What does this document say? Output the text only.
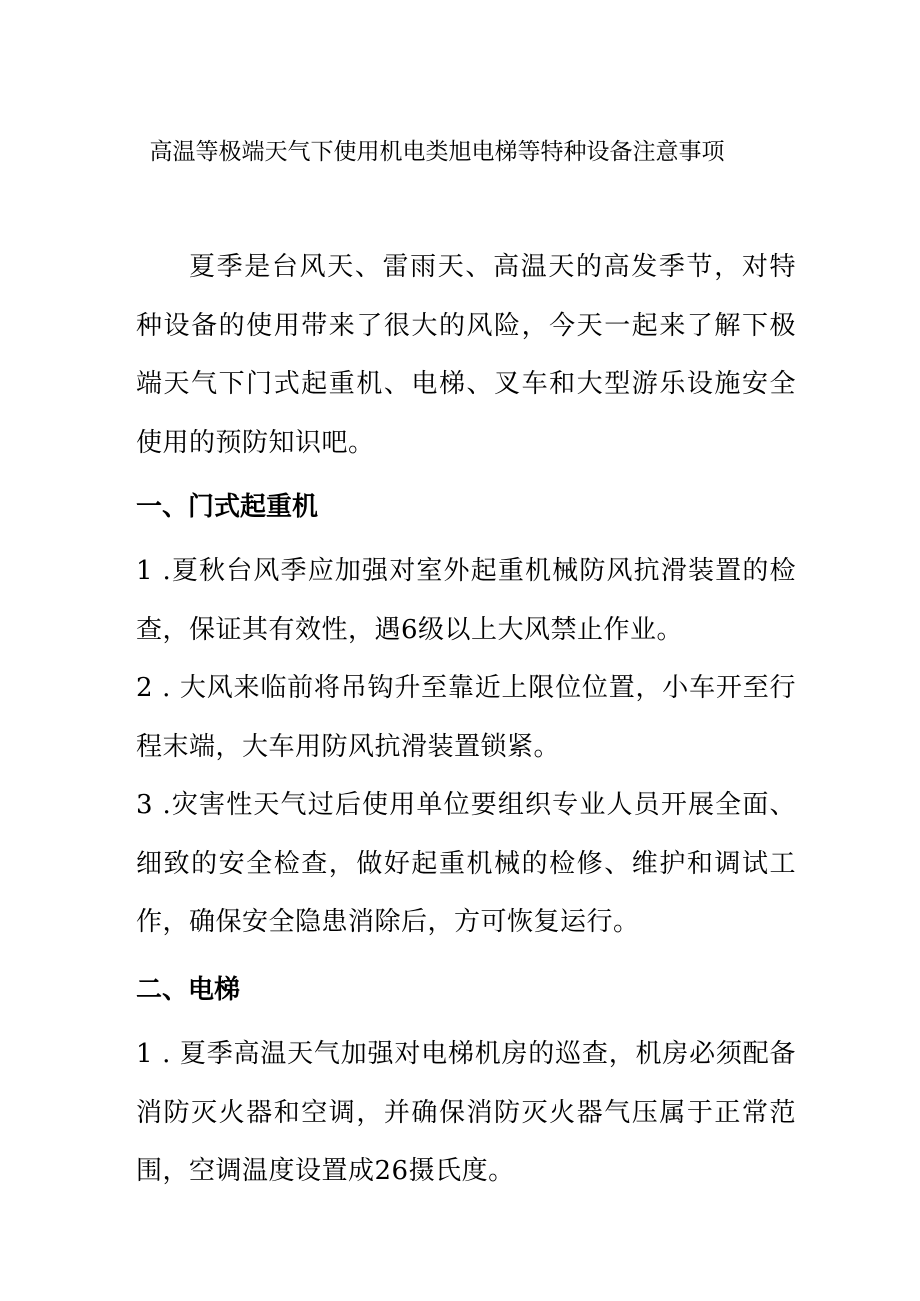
高温等极端天气下使用机电类旭电梯等特种设备注意事项

夏季是台风天、雷雨天、高温天的高发季节，对特种设备的使用带来了很大的风险，今天一起来了解下极端天气下门式起重机、电梯、叉车和大型游乐设施安全使用的预防知识吧。

一、门式起重机

1 .夏秋台风季应加强对室外起重机械防风抗滑装置的检查，保证其有效性，遇6级以上大风禁止作业。

2 . 大风来临前将吊钩升至靠近上限位位置，小车开至行程末端，大车用防风抗滑装置锁紧。

3 .灾害性天气过后使用单位要组织专业人员开展全面、细致的安全检查，做好起重机械的检修、维护和调试工作，确保安全隐患消除后，方可恢复运行。

二、电梯

1 . 夏季高温天气加强对电梯机房的巡查，机房必须配备消防灭火器和空调，并确保消防灭火器气压属于正常范围，空调温度设置成26摄氏度。
